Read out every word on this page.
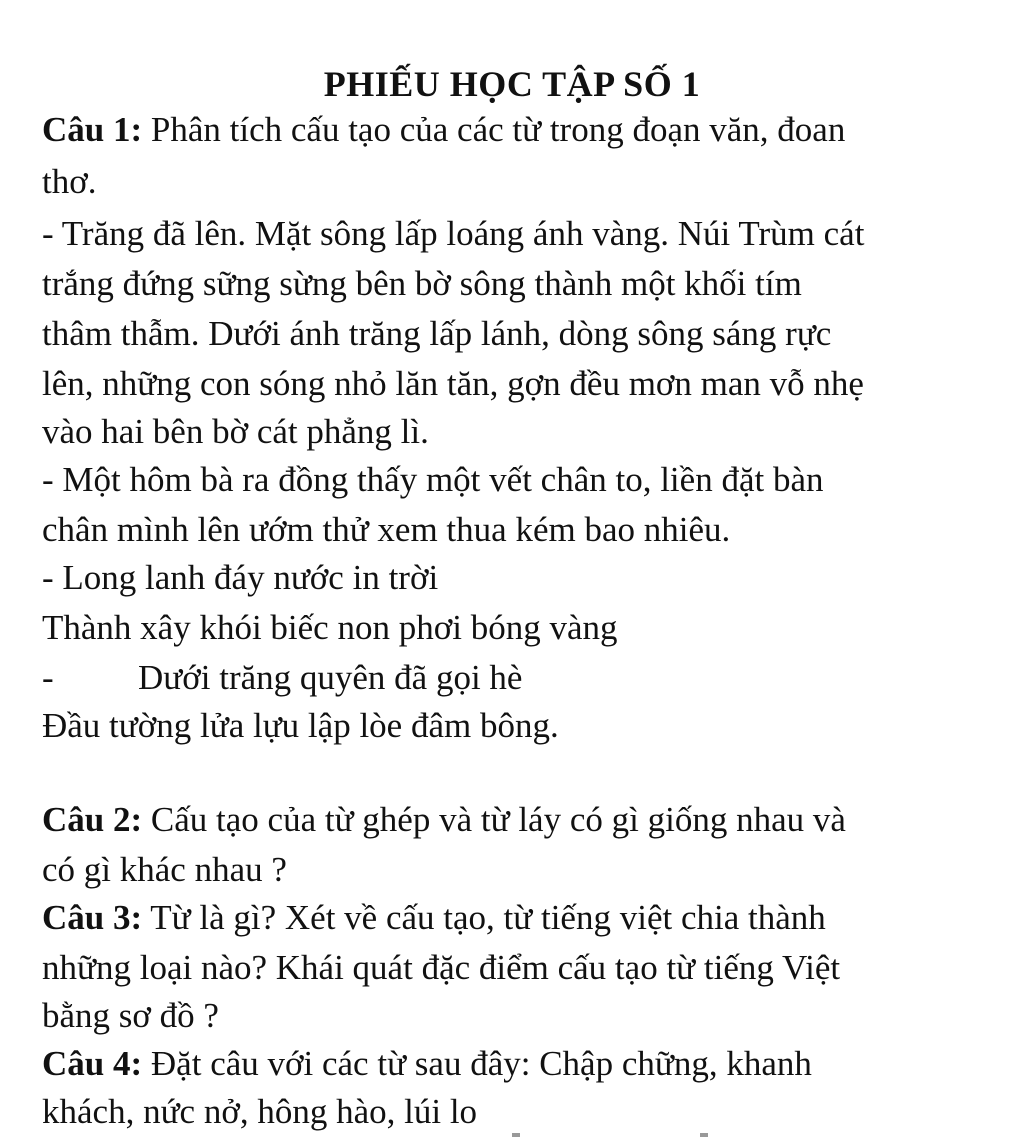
PHIẾU HỌC TẬP SỐ 1
Câu 1: Phân tích cấu tạo của các từ trong đoạn văn, đoan
thơ.
- Trăng đã lên. Mặt sông lấp loáng ánh vàng. Núi Trùm cát
trắng đứng sững sừng bên bờ sông thành một khối tím
thâm thẫm. Dưới ánh trăng lấp lánh, dòng sông sáng rực
lên, những con sóng nhỏ lăn tăn, gợn đều mơn man vỗ nhẹ
vào hai bên bờ cát phẳng lì.
- Một hôm bà ra đồng thấy một vết chân to, liền đặt bàn
chân mình lên ướm thử xem thua kém bao nhiêu.
- Long lanh đáy nước in trời
Thành xây khói biếc non phơi bóng vàng
- Dưới trăng quyên đã gọi hè
Đầu tường lửa lựu lập lòe đâm bông.
Câu 2: Cấu tạo của từ ghép và từ láy có gì giống nhau và
có gì khác nhau ?
Câu 3: Từ là gì? Xét về cấu tạo, từ tiếng việt chia thành
những loại nào? Khái quát đặc điểm cấu tạo từ tiếng Việt
bằng sơ đồ ?
Câu 4: Đặt câu với các từ sau đây: Chập chững, khanh
khách, nức nở, hông hào, lúi lo
